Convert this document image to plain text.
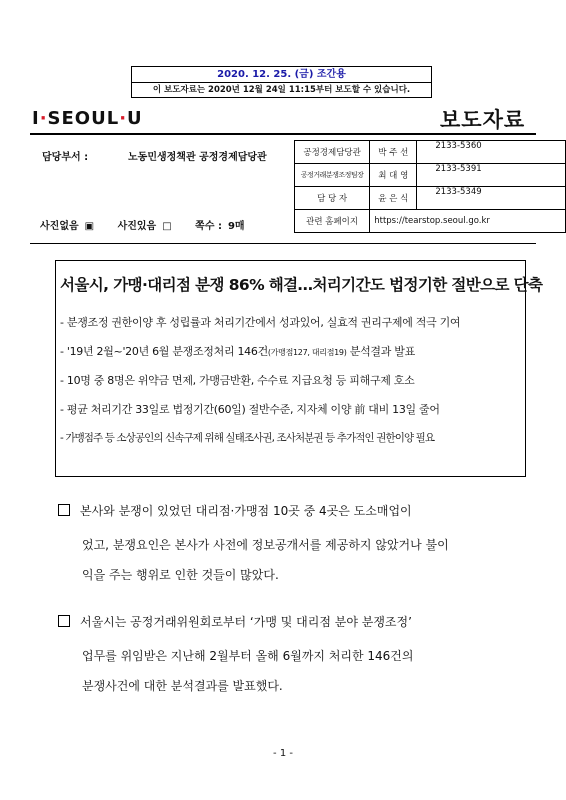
2020. 12. 25. (금) 조간용
이 보도자료는 2020년 12월 24일 11:15부터 보도할 수 있습니다.
I·SEOUL·U	보도자료
담당부서 :	노동민생정책관 공정경제담당관	공정경제담당관	박 주 선	2133-5360
공정거래분쟁조정팀장	최 대 영	2133-5391
담 당 자	윤 은 식	2133-5349
관련 홈페이지	https://tearstop.seoul.go.kr	
사진없음 ▣ 사진있음 □ 쪽수 : 9매
서울시, 가맹·대리점 분쟁 86% 해결…처리기간도 법정기한 절반으로 단축
- 분쟁조정 권한이양 후 성립률과 처리기간에서 성과있어, 실효적 권리구제에 적극 기여
- '19년 2월~'20년 6월 분쟁조정처리 146건(가맹점127, 대리점19) 분석결과 발표
- 10명 중 8명은 위약금 면제, 가맹금반환, 수수료 지급요청 등 피해구제 호소
- 평균 처리기간 33일로 법정기간(60일) 절반수준, 지자체 이양 前 대비 13일 줄어
- 가맹점주 등 소상공인의 신속구제 위해 실태조사권, 조사처분권 등 추가적인 권한이양 필요
본사와 분쟁이 있었던 대리점·가맹점 10곳 중 4곳은 도소매업이
었고, 분쟁요인은 본사가 사전에 정보공개서를 제공하지 않았거나 불이
익을 주는 행위로 인한 것들이 많았다.
서울시는 공정거래위원회로부터 ‘가맹 및 대리점 분야 분쟁조정’
업무를 위임받은 지난해 2월부터 올해 6월까지 처리한 146건의
분쟁사건에 대한 분석결과를 발표했다.
- 1 -
